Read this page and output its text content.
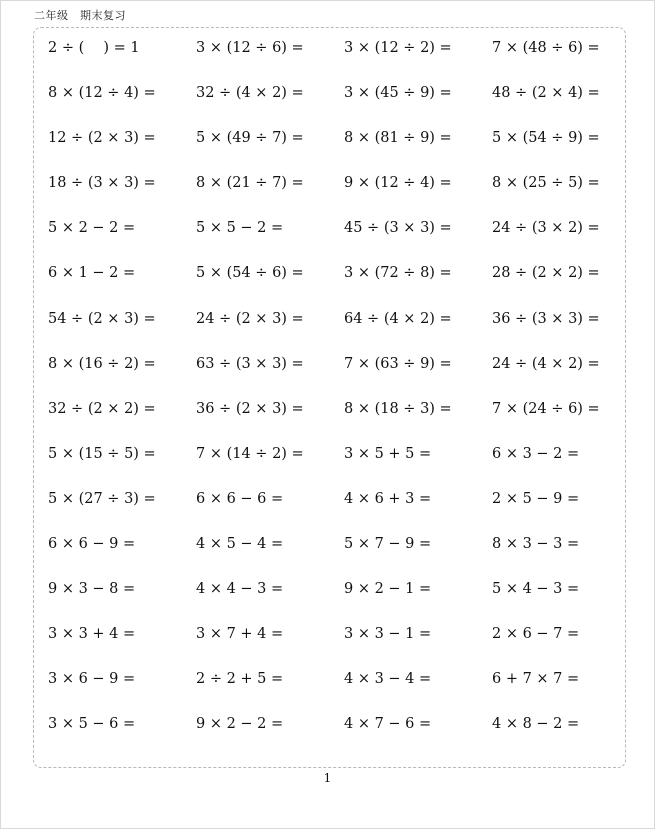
二年级　期末复习
2 ÷ (　 ) = 1	3 × (12 ÷ 6) =	3 × (12 ÷ 2) =	7 × (48 ÷ 6) =
8 × (12 ÷ 4) =	32 ÷ (4 × 2) =	3 × (45 ÷ 9) =	48 ÷ (2 × 4) =
12 ÷ (2 × 3) =	5 × (49 ÷ 7) =	8 × (81 ÷ 9) =	5 × (54 ÷ 9) =
18 ÷ (3 × 3) =	8 × (21 ÷ 7) =	9 × (12 ÷ 4) =	8 × (25 ÷ 5) =
5 × 2 − 2 =	5 × 5 − 2 =	45 ÷ (3 × 3) =	24 ÷ (3 × 2) =
6 × 1 − 2 =	5 × (54 ÷ 6) =	3 × (72 ÷ 8) =	28 ÷ (2 × 2) =
54 ÷ (2 × 3) =	24 ÷ (2 × 3) =	64 ÷ (4 × 2) =	36 ÷ (3 × 3) =
8 × (16 ÷ 2) =	63 ÷ (3 × 3) =	7 × (63 ÷ 9) =	24 ÷ (4 × 2) =
32 ÷ (2 × 2) =	36 ÷ (2 × 3) =	8 × (18 ÷ 3) =	7 × (24 ÷ 6) =
5 × (15 ÷ 5) =	7 × (14 ÷ 2) =	3 × 5 + 5 =	6 × 3 − 2 =
5 × (27 ÷ 3) =	6 × 6 − 6 =	4 × 6 + 3 =	2 × 5 − 9 =
6 × 6 − 9 =	4 × 5 − 4 =	5 × 7 − 9 =	8 × 3 − 3 =
9 × 3 − 8 =	4 × 4 − 3 =	9 × 2 − 1 =	5 × 4 − 3 =
3 × 3 + 4 =	3 × 7 + 4 =	3 × 3 − 1 =	2 × 6 − 7 =
3 × 6 − 9 =	2 ÷ 2 + 5 =	4 × 3 − 4 =	6 + 7 × 7 =
3 × 5 − 6 =	9 × 2 − 2 =	4 × 7 − 6 =	4 × 8 − 2 =
1
